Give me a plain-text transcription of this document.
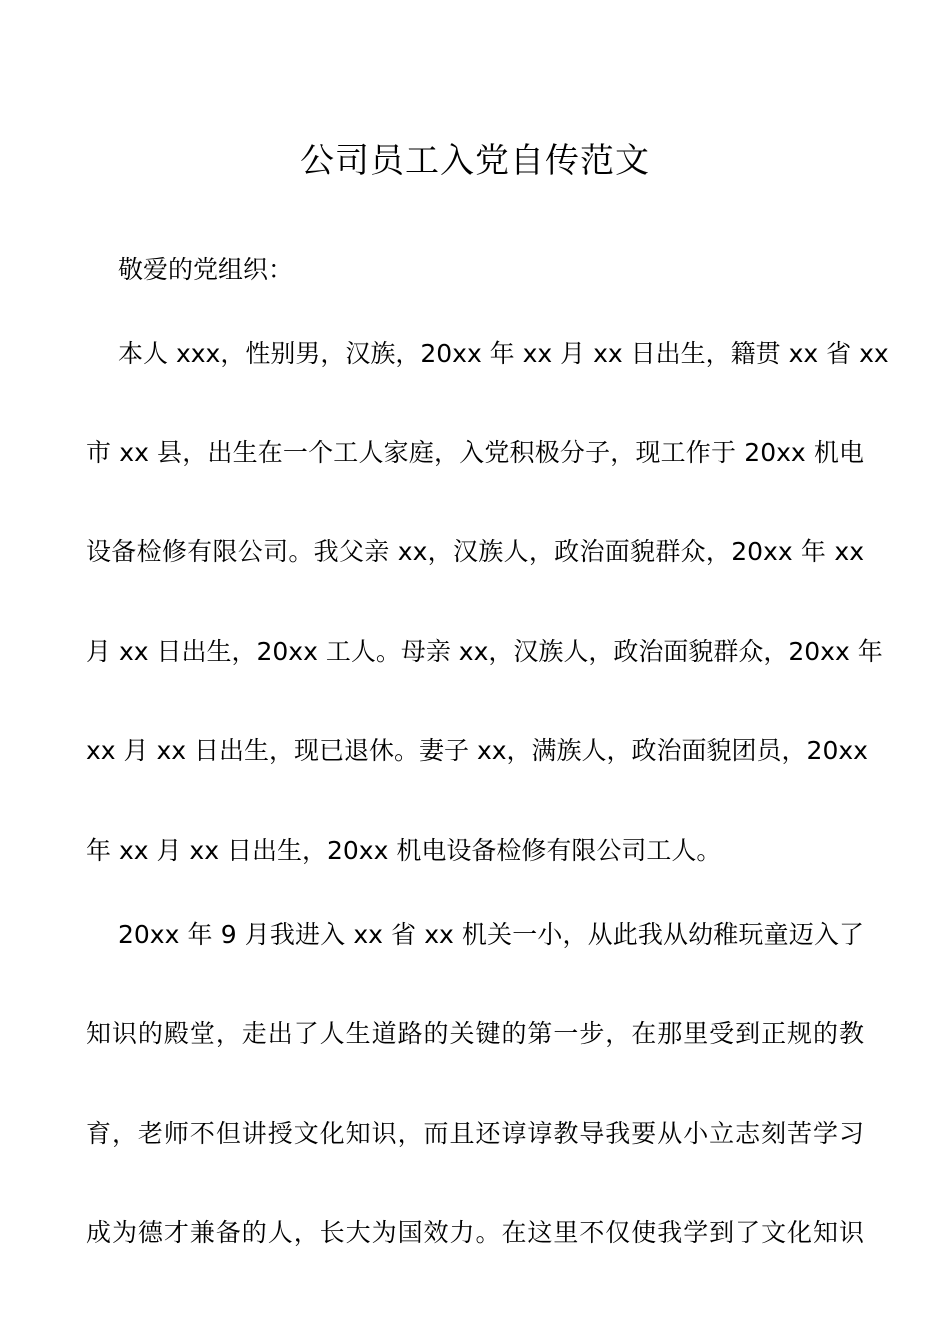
公司员工入党自传范文

敬爱的党组织：

本人 xxx，性别男，汉族，20xx 年 xx 月 xx 日出生，籍贯 xx 省 xx

市 xx 县，出生在一个工人家庭，入党积极分子，现工作于 20xx 机电

设备检修有限公司。我父亲 xx，汉族人，政治面貌群众，20xx 年 xx

月 xx 日出生，20xx 工人。母亲 xx，汉族人，政治面貌群众，20xx 年

xx 月 xx 日出生，现已退休。妻子 xx，满族人，政治面貌团员，20xx

年 xx 月 xx 日出生，20xx 机电设备检修有限公司工人。

20xx 年 9 月我进入 xx 省 xx 机关一小，从此我从幼稚玩童迈入了

知识的殿堂，走出了人生道路的关键的第一步，在那里受到正规的教

育，老师不但讲授文化知识，而且还谆谆教导我要从小立志刻苦学习

成为德才兼备的人，长大为国效力。在这里不仅使我学到了文化知识
